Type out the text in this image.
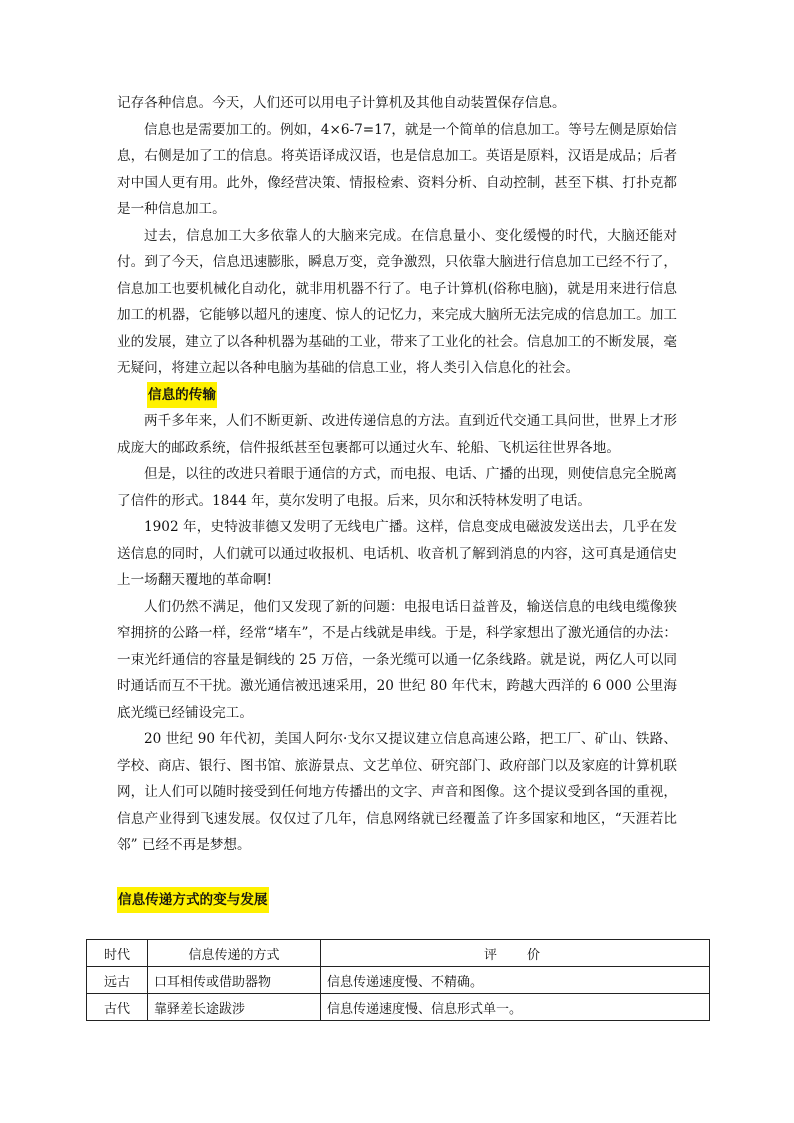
记存各种信息。今天，人们还可以用电子计算机及其他自动装置保存信息。

信息也是需要加工的。例如，4×6-7=17，就是一个简单的信息加工。等号左侧是原始信息，右侧是加了工的信息。将英语译成汉语，也是信息加工。英语是原料，汉语是成品；后者对中国人更有用。此外，像经营决策、情报检索、资料分析、自动控制，甚至下棋、打扑克都是一种信息加工。

过去，信息加工大多依靠人的大脑来完成。在信息量小、变化缓慢的时代，大脑还能对付。到了今天，信息迅速膨胀，瞬息万变，竞争激烈，只依靠大脑进行信息加工已经不行了，信息加工也要机械化自动化，就非用机器不行了。电子计算机(俗称电脑)，就是用来进行信息加工的机器，它能够以超凡的速度、惊人的记忆力，来完成大脑所无法完成的信息加工。加工业的发展，建立了以各种机器为基础的工业，带来了工业化的社会。信息加工的不断发展，毫无疑问，将建立起以各种电脑为基础的信息工业，将人类引入信息化的社会。

信息的传输

两千多年来，人们不断更新、改进传递信息的方法。直到近代交通工具问世，世界上才形成庞大的邮政系统，信件报纸甚至包裹都可以通过火车、轮船、飞机运往世界各地。

但是，以往的改进只着眼于通信的方式，而电报、电话、广播的出现，则使信息完全脱离了信件的形式。1844 年，莫尔发明了电报。后来，贝尔和沃特林发明了电话。

1902 年，史特波菲德又发明了无线电广播。这样，信息变成电磁波发送出去，几乎在发送信息的同时，人们就可以通过收报机、电话机、收音机了解到消息的内容，这可真是通信史上一场翻天覆地的革命啊!

人们仍然不满足，他们又发现了新的问题：电报电话日益普及，输送信息的电线电缆像狭窄拥挤的公路一样，经常“堵车”，不是占线就是串线。于是，科学家想出了激光通信的办法：一束光纤通信的容量是铜线的 25 万倍，一条光缆可以通一亿条线路。就是说，两亿人可以同时通话而互不干扰。激光通信被迅速采用，20 世纪 80 年代末，跨越大西洋的 6 000 公里海底光缆已经铺设完工。

20 世纪 90 年代初，美国人阿尔·戈尔又提议建立信息高速公路，把工厂、矿山、铁路、学校、商店、银行、图书馆、旅游景点、文艺单位、研究部门、政府部门以及家庭的计算机联网，让人们可以随时接受到任何地方传播出的文字、声音和图像。这个提议受到各国的重视，信息产业得到飞速发展。仅仅过了几年，信息网络就已经覆盖了许多国家和地区，“天涯若比邻” 已经不再是梦想。

信息传递方式的变与发展
时代	信息传递的方式	评价
远古	口耳相传或借助器物	信息传递速度慢、不精确。
古代	靠驿差长途跋涉	信息传递速度慢、信息形式单一。
